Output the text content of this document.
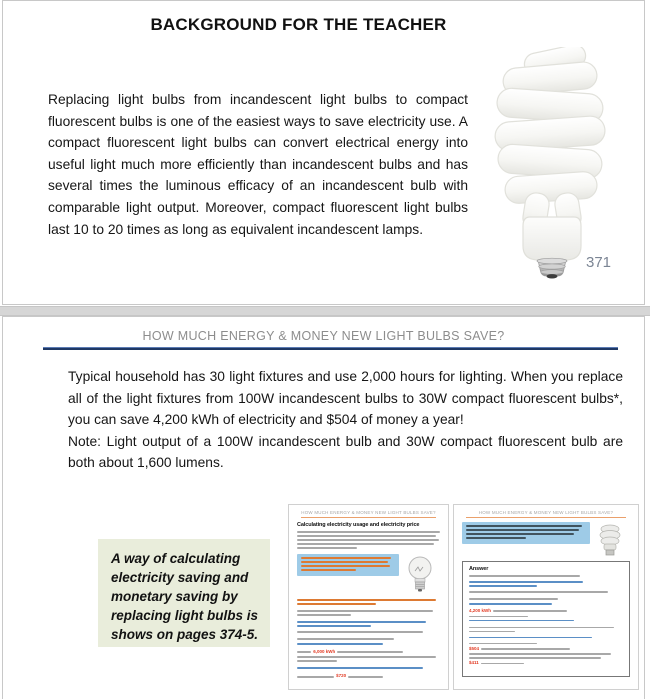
BACKGROUND FOR THE TEACHER
Replacing light bulbs from incandescent light bulbs to compact fluorescent bulbs is one of the easiest ways to save electricity use. A compact fluorescent light bulbs can convert electrical energy into useful light much more efficiently than incandescent bulbs and has several times the luminous efficacy of an incandescent bulb with comparable light output. Moreover, compact fluorescent light bulbs last 10 to 20 times as long as equivalent incandescent lamps.
371
HOW MUCH ENERGY & MONEY NEW LIGHT BULBS SAVE?

Typical household has 30 light fixtures and use 2,000 hours for lighting. When you replace all of the light fixtures from 100W incandescent bulbs to 30W compact fluorescent bulbs*, you can save 4,200 kWh of electricity and $504 of money a year!

Note: Light output of a 100W incandescent bulb and 30W compact fluorescent bulb are both about 1,600 lumens.

A way of calculating electricity saving and monetary saving by replacing light bulbs is shows on pages 374-5.
HOW MUCH ENERGY & MONEY NEW LIGHT BULBS SAVE?
Calculating electricity usage and electricity price
6,000 kWh
$720
HOW MUCH ENERGY & MONEY NEW LIGHT BULBS SAVE?
Answer
4,200 kWh
$504
$411
